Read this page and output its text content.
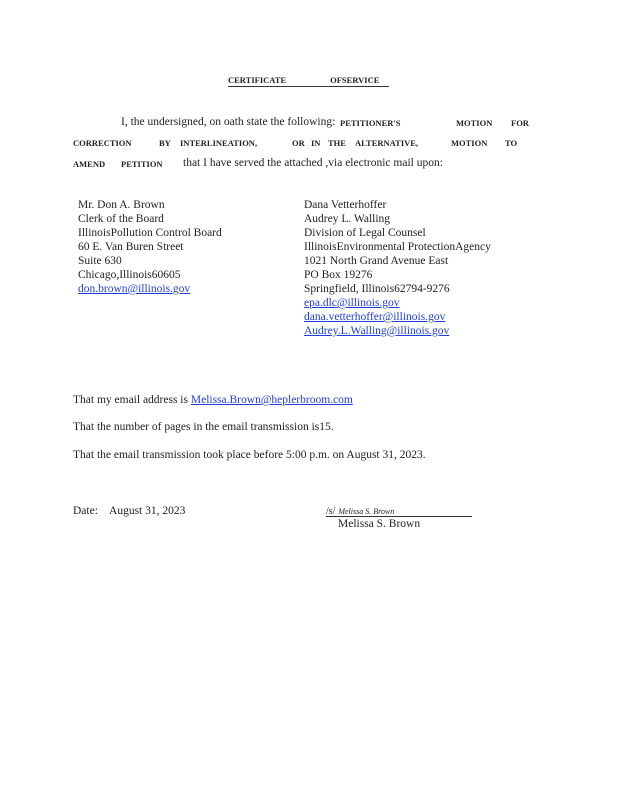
CERTIFICATE	OFSERVICE
I, the undersigned, on oath state the following: PETITIONER'S	MOTION FOR
CORRECTION	BY INTERLINEATION,	OR IN THE ALTERNATIVE,	MOTION TO
AMEND PETITION that I have served the attached ,via electronic mail upon:
Mr. Don A. Brown
Clerk of the Board
IllinoisPollution Control Board
60 E. Van Buren Street
Suite 630
Chicago,Illinois60605
don.brown@illinois.gov
Dana Vetterhoffer
Audrey L. Walling
Division of Legal Counsel
IllinoisEnvironmental ProtectionAgency
1021 North Grand Avenue East
PO Box 19276
Springfield, Illinois62794-9276
epa.dlc@illinois.gov
dana.vetterhoffer@illinois.gov
Audrey.L.Walling@illinois.gov
That my email address is Melissa.Brown@heplerbroom.com
That the number of pages in the email transmission is15.
That the email transmission took place before 5:00 p.m. on August 31, 2023.
Date: August 31, 2023	/s/ Melissa S. Brown
Melissa S. Brown
